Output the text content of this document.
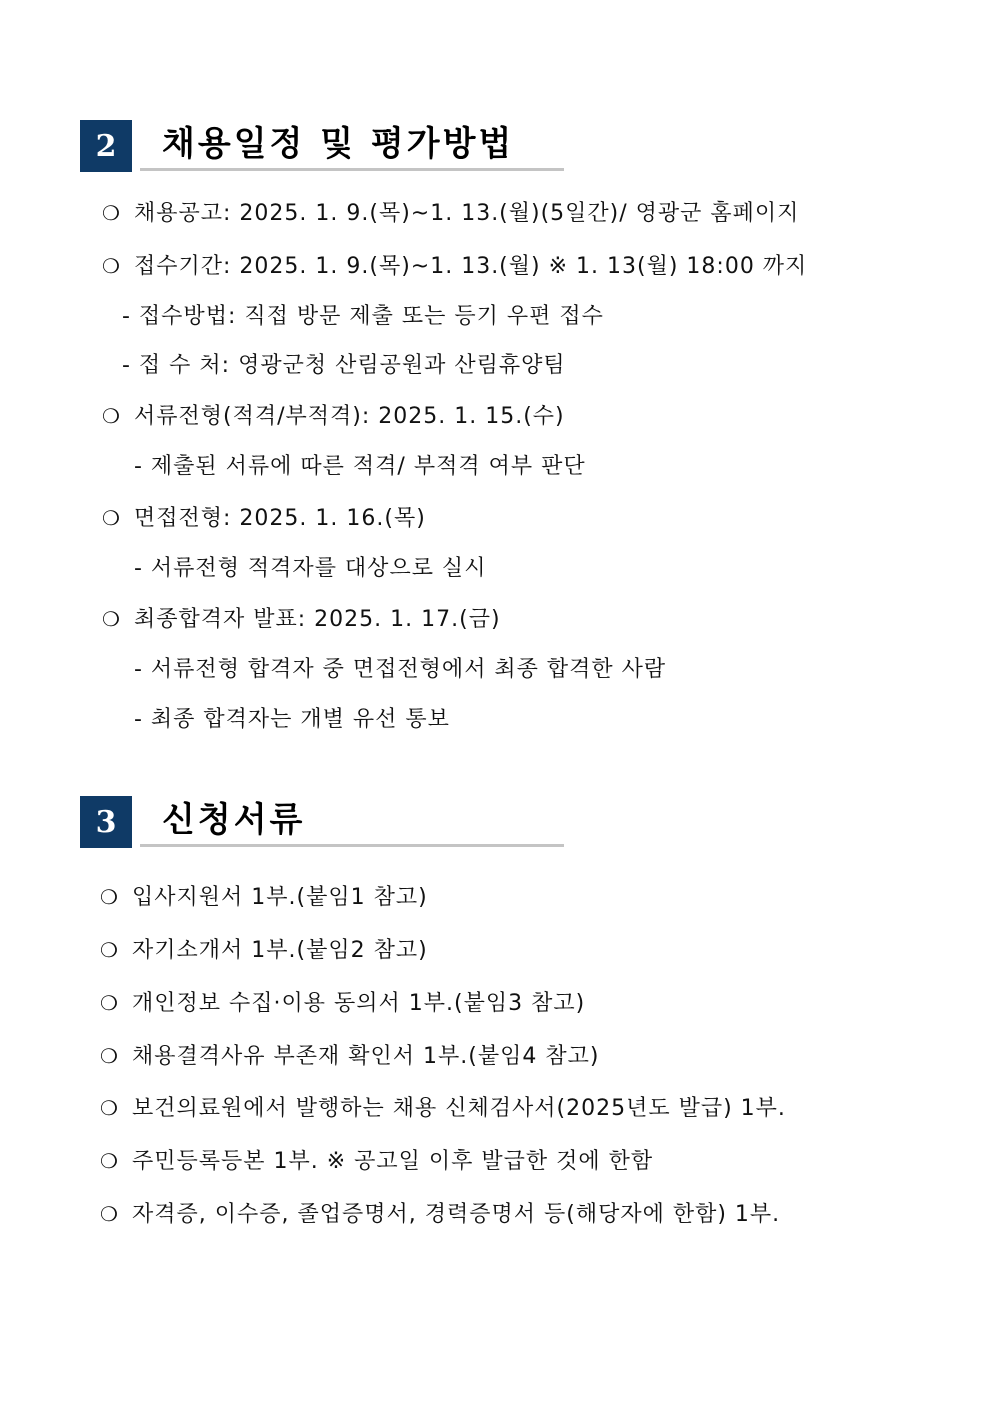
2	채용일정 및 평가방법
❍ 채용공고: 2025. 1. 9.(목)~1. 13.(월)(5일간)/ 영광군 홈페이지
❍ 접수기간: 2025. 1. 9.(목)~1. 13.(월) ※ 1. 13(월) 18:00 까지
- 접수방법: 직접 방문 제출 또는 등기 우편 접수
- 접 수 처: 영광군청 산림공원과 산림휴양팀
❍ 서류전형(적격/부적격): 2025. 1. 15.(수)
- 제출된 서류에 따른 적격/ 부적격 여부 판단
❍ 면접전형: 2025. 1. 16.(목)
- 서류전형 적격자를 대상으로 실시
❍ 최종합격자 발표: 2025. 1. 17.(금)
- 서류전형 합격자 중 면접전형에서 최종 합격한 사람
- 최종 합격자는 개별 유선 통보
3	신청서류
❍ 입사지원서 1부.(붙임1 참고)
❍ 자기소개서 1부.(붙임2 참고)
❍ 개인정보 수집·이용 동의서 1부.(붙임3 참고)
❍ 채용결격사유 부존재 확인서 1부.(붙임4 참고)
❍ 보건의료원에서 발행하는 채용 신체검사서(2025년도 발급) 1부.
❍ 주민등록등본 1부. ※ 공고일 이후 발급한 것에 한함
❍ 자격증, 이수증, 졸업증명서, 경력증명서 등(해당자에 한함) 1부.
